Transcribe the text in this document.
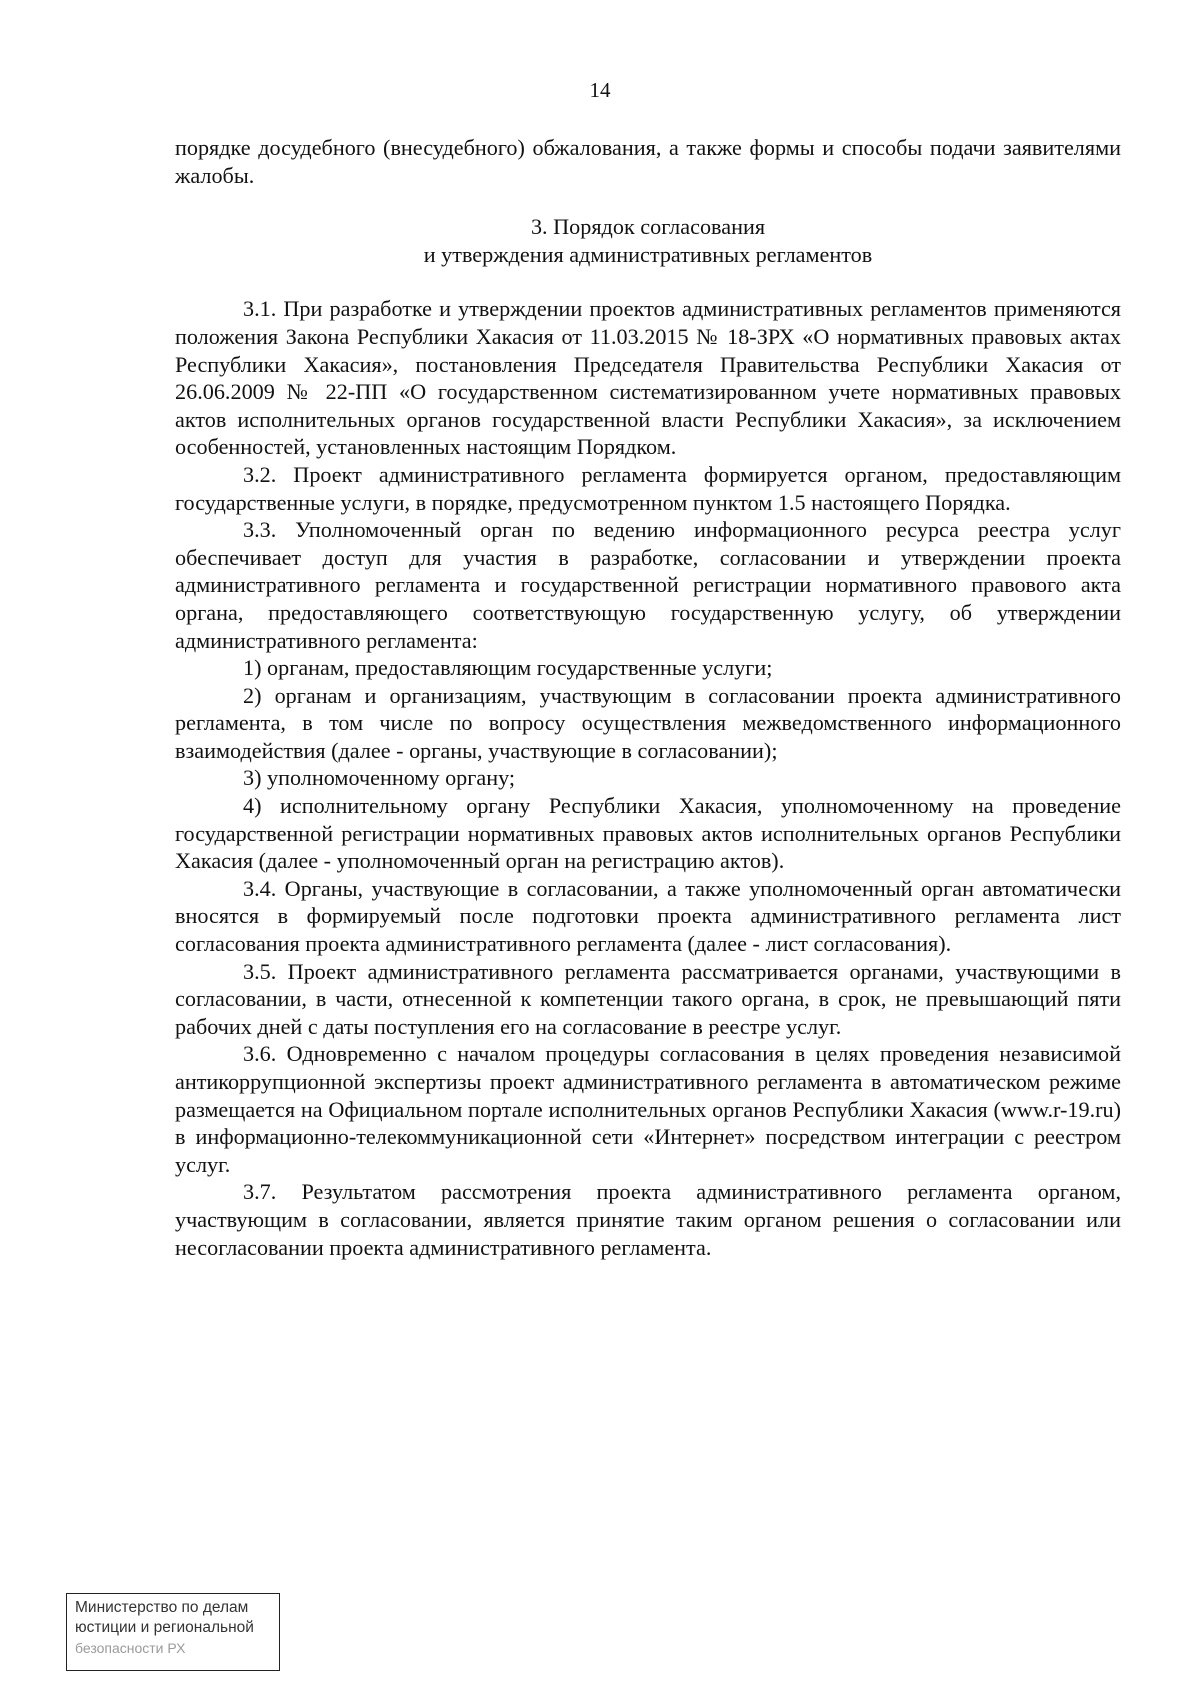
14

порядке досудебного (внесудебного) обжалования, а также формы и способы подачи заявителями жалобы.

3. Порядок согласования
и утверждения административных регламентов

3.1. При разработке и утверждении проектов административных регламентов применяются положения Закона Республики Хакасия от 11.03.2015 № 18-ЗРХ «О нормативных правовых актах Республики Хакасия», постановления Председателя Правительства Республики Хакасия от 26.06.2009 № 22-ПП «О государственном систематизированном учете нормативных правовых актов исполнительных органов государственной власти Республики Хакасия», за исключением особенностей, установленных настоящим Порядком.

3.2. Проект административного регламента формируется органом, предоставляющим государственные услуги, в порядке, предусмотренном пунктом 1.5 настоящего Порядка.

3.3. Уполномоченный орган по ведению информационного ресурса реестра услуг обеспечивает доступ для участия в разработке, согласовании и утверждении проекта административного регламента и государственной регистрации нормативного правового акта органа, предоставляющего соответствующую государственную услугу, об утверждении административного регламента:

1) органам, предоставляющим государственные услуги;

2) органам и организациям, участвующим в согласовании проекта административного регламента, в том числе по вопросу осуществления межведомственного информационного взаимодействия (далее - органы, участвующие в согласовании);

3) уполномоченному органу;

4) исполнительному органу Республики Хакасия, уполномоченному на проведение государственной регистрации нормативных правовых актов исполнительных органов Республики Хакасия (далее - уполномоченный орган на регистрацию актов).

3.4. Органы, участвующие в согласовании, а также уполномоченный орган автоматически вносятся в формируемый после подготовки проекта административного регламента лист согласования проекта административного регламента (далее - лист согласования).

3.5. Проект административного регламента рассматривается органами, участвующими в согласовании, в части, отнесенной к компетенции такого органа, в срок, не превышающий пяти рабочих дней с даты поступления его на согласование в реестре услуг.

3.6. Одновременно с началом процедуры согласования в целях проведения независимой антикоррупционной экспертизы проект административного регламента в автоматическом режиме размещается на Официальном портале исполнительных органов Республики Хакасия (www.r-19.ru) в информационно-телекоммуникационной сети «Интернет» посредством интеграции с реестром услуг.

3.7. Результатом рассмотрения проекта административного регламента органом, участвующим в согласовании, является принятие таким органом решения о согласовании или несогласовании проекта административного регламента.

Министерство по делам
юстиции и региональной
безопасности РХ
